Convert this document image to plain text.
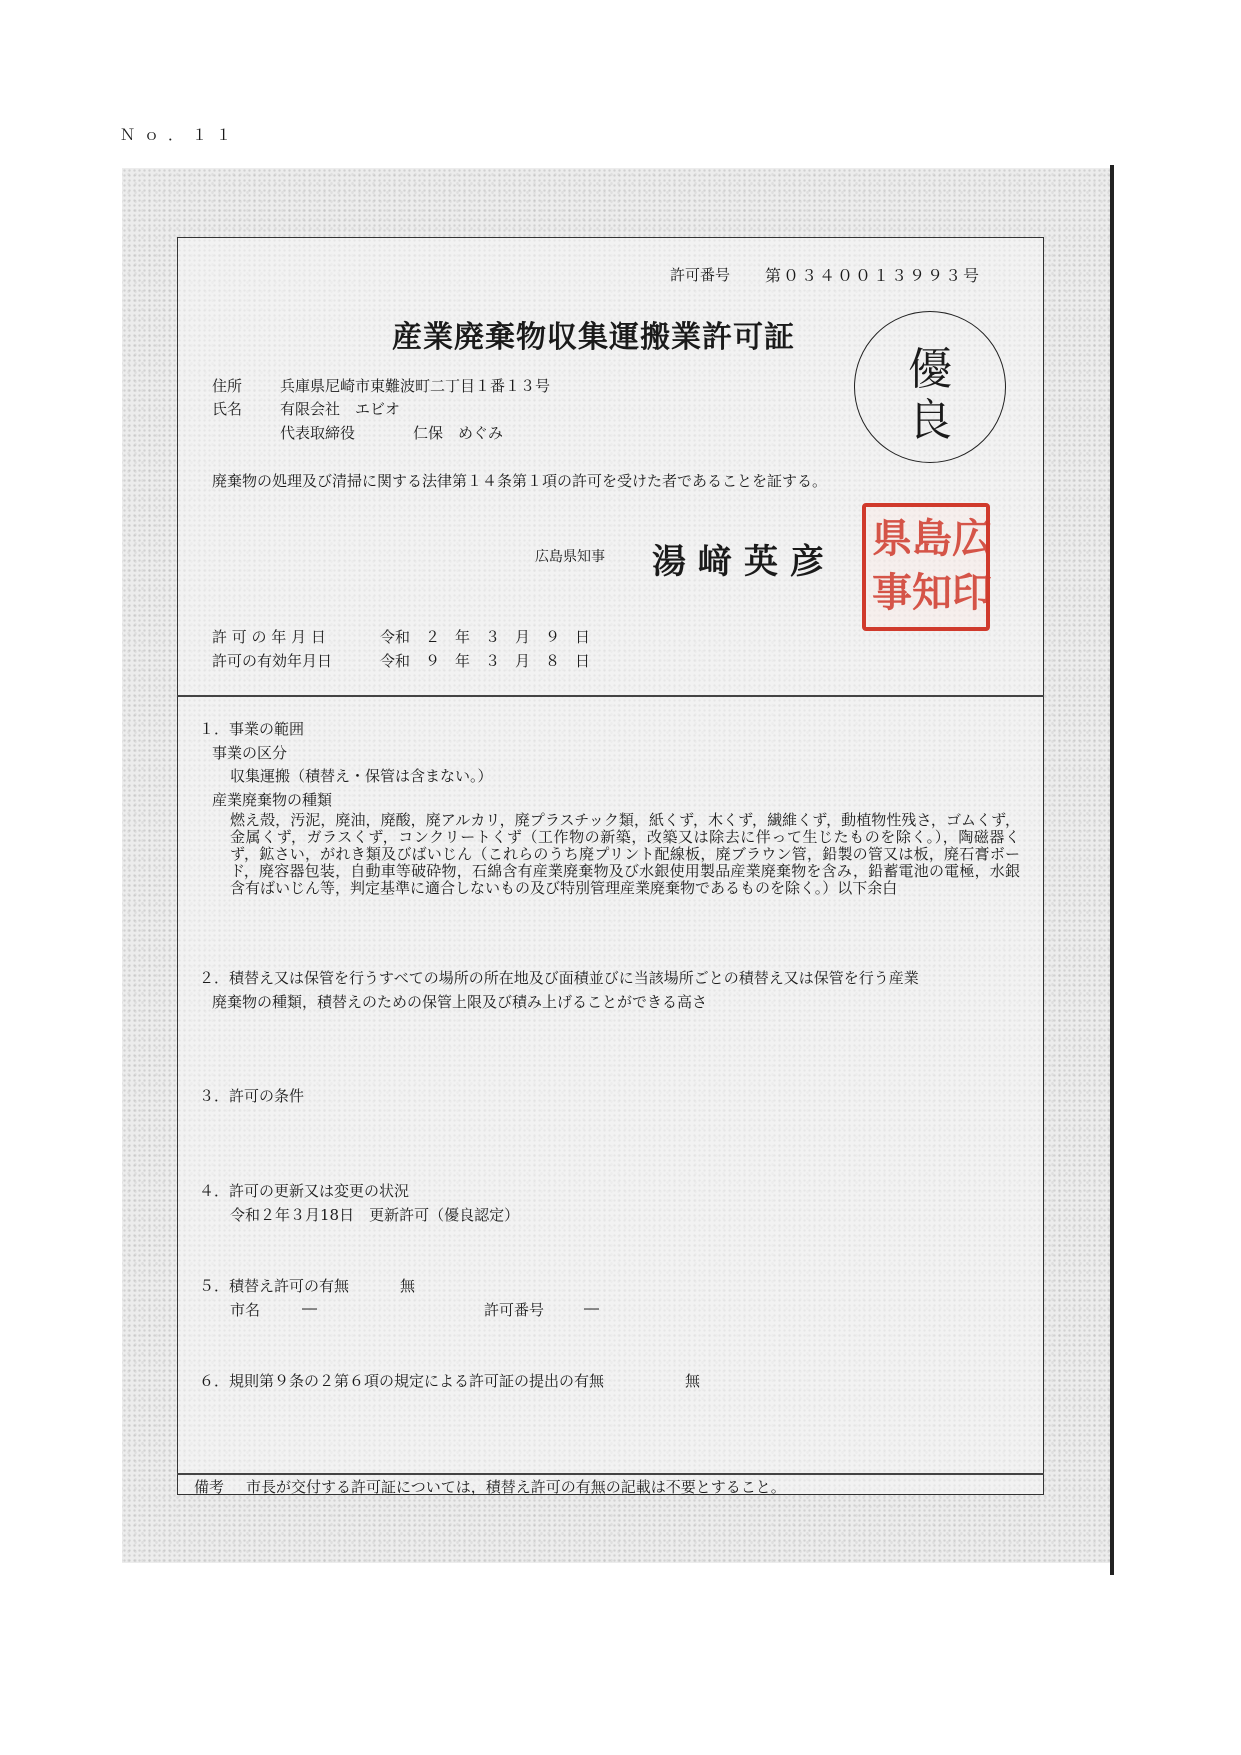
Ｎｏ．１１
許可番号 第０３４００１３９９３号
産業廃棄物収集運搬業許可証
優
良
住所	兵庫県尼崎市東難波町二丁目１番１３号
氏名	有限会社　エビオ
代表取締役	仁保　めぐみ
廃棄物の処理及び清掃に関する法律第１４条第１項の許可を受けた者であることを証する。
広島県知事 湯﨑英彦 県 島 広
事 知 印
許 可 の 年 月 日	令和　２　年　３　月　９　日
許可の有効年月日	令和　９　年　３　月　８　日
１．事業の範囲
事業の区分
収集運搬（積替え・保管は含まない。）
産業廃棄物の種類
燃え殻，汚泥，廃油，廃酸，廃アルカリ，廃プラスチック類，紙くず，木くず，繊維くず，動植物性残さ，ゴムくず，金属くず，ガラスくず，コンクリートくず（工作物の新築，改築又は除去に伴って生じたものを除く。），陶磁器くず，鉱さい，がれき類及びばいじん（これらのうち廃プリント配線板，廃ブラウン管，鉛製の管又は板，廃石膏ボード，廃容器包装，自動車等破砕物，石綿含有産業廃棄物及び水銀使用製品産業廃棄物を含み，鉛蓄電池の電極，水銀含有ばいじん等，判定基準に適合しないもの及び特別管理産業廃棄物であるものを除く。）以下余白
２．積替え又は保管を行うすべての場所の所在地及び面積並びに当該場所ごとの積替え又は保管を行う産業
廃棄物の種類，積替えのための保管上限及び積み上げることができる高さ
３．許可の条件
４．許可の更新又は変更の状況
令和２年３月18日　更新許可（優良認定）
５．積替え許可の有無	無
市名	―	許可番号	―
６．規則第９条の２第６項の規定による許可証の提出の有無	無
備考 市長が交付する許可証については，積替え許可の有無の記載は不要とすること。
